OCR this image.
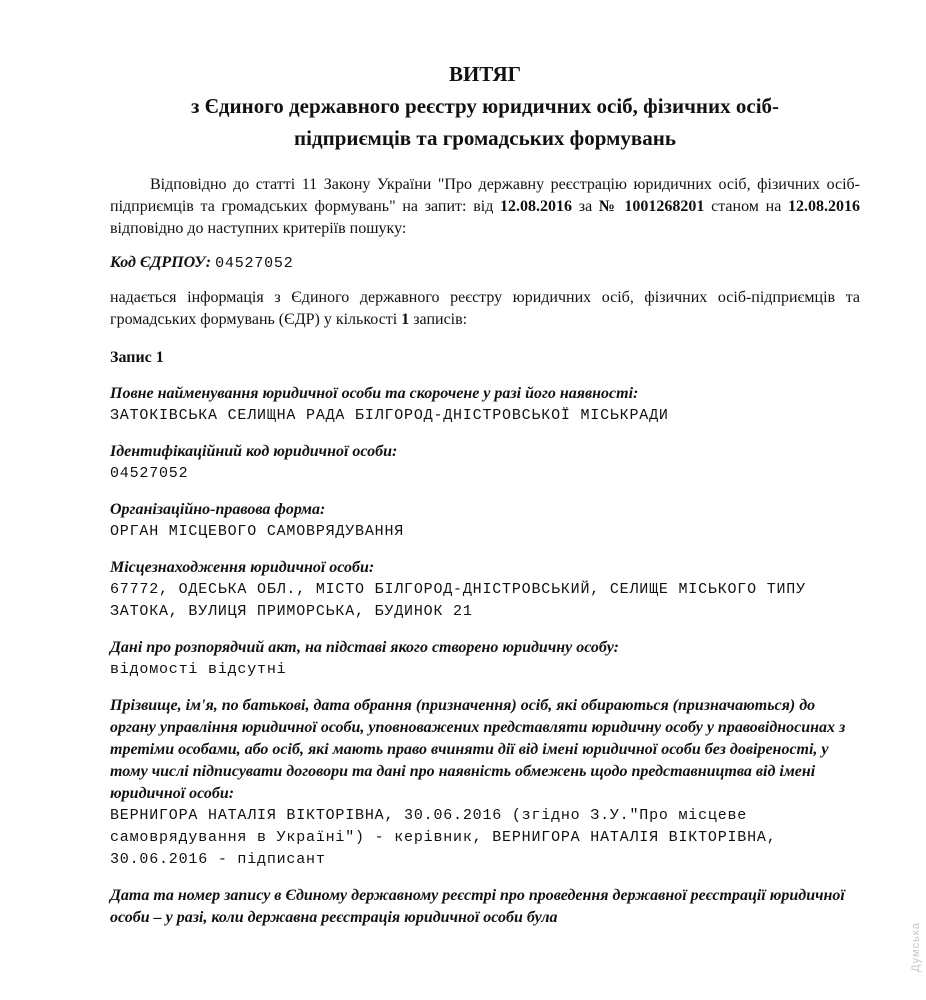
ВИТЯГ
з Єдиного державного реєстру юридичних осіб, фізичних осіб-
підприємців та громадських формувань

Відповідно до статті 11 Закону України "Про державну реєстрацію юридичних осіб, фізичних осіб-підприємців та громадських формувань" на запит: від 12.08.2016 за № 1001268201 станом на 12.08.2016 відповідно до наступних критеріїв пошуку:

Код ЄДРПОУ: 04527052

надається інформація з Єдиного державного реєстру юридичних осіб, фізичних осіб-підприємців та громадських формувань (ЄДР) у кількості 1 записів:

Запис 1
Повне найменування юридичної особи та скорочене у разі його наявності:
ЗАТОКІВСЬКА СЕЛИЩНА РАДА БІЛГОРОД-ДНІСТРОВСЬКОЇ МІСЬКРАДИ
Ідентифікаційний код юридичної особи:
04527052
Організаційно-правова форма:
ОРГАН МІСЦЕВОГО САМОВРЯДУВАННЯ
Місцезнаходження юридичної особи:
67772, ОДЕСЬКА ОБЛ., МІСТО БІЛГОРОД-ДНІСТРОВСЬКИЙ, СЕЛИЩЕ МІСЬКОГО ТИПУ ЗАТОКА, ВУЛИЦЯ ПРИМОРСЬКА, БУДИНОК 21
Дані про розпорядчий акт, на підставі якого створено юридичну особу:
відомості відсутні
Прізвище, ім'я, по батькові, дата обрання (призначення) осіб, які обираються (призначаються) до органу управління юридичної особи, уповноважених представляти юридичну особу у правовідносинах з третіми особами, або осіб, які мають право вчиняти дії від імені юридичної особи без довіреності, у тому числі підписувати договори та дані про наявність обмежень щодо представництва від імені юридичної особи:
ВЕРНИГОРА НАТАЛІЯ ВІКТОРІВНА, 30.06.2016 (згідно З.У."Про місцеве самоврядування в Україні") - керівник, ВЕРНИГОРА НАТАЛІЯ ВІКТОРІВНА, 30.06.2016 - підписант
Дата та номер запису в Єдиному державному реєстрі про проведення державної реєстрації юридичної особи – у разі, коли державна реєстрація юридичної особи була
Думська
